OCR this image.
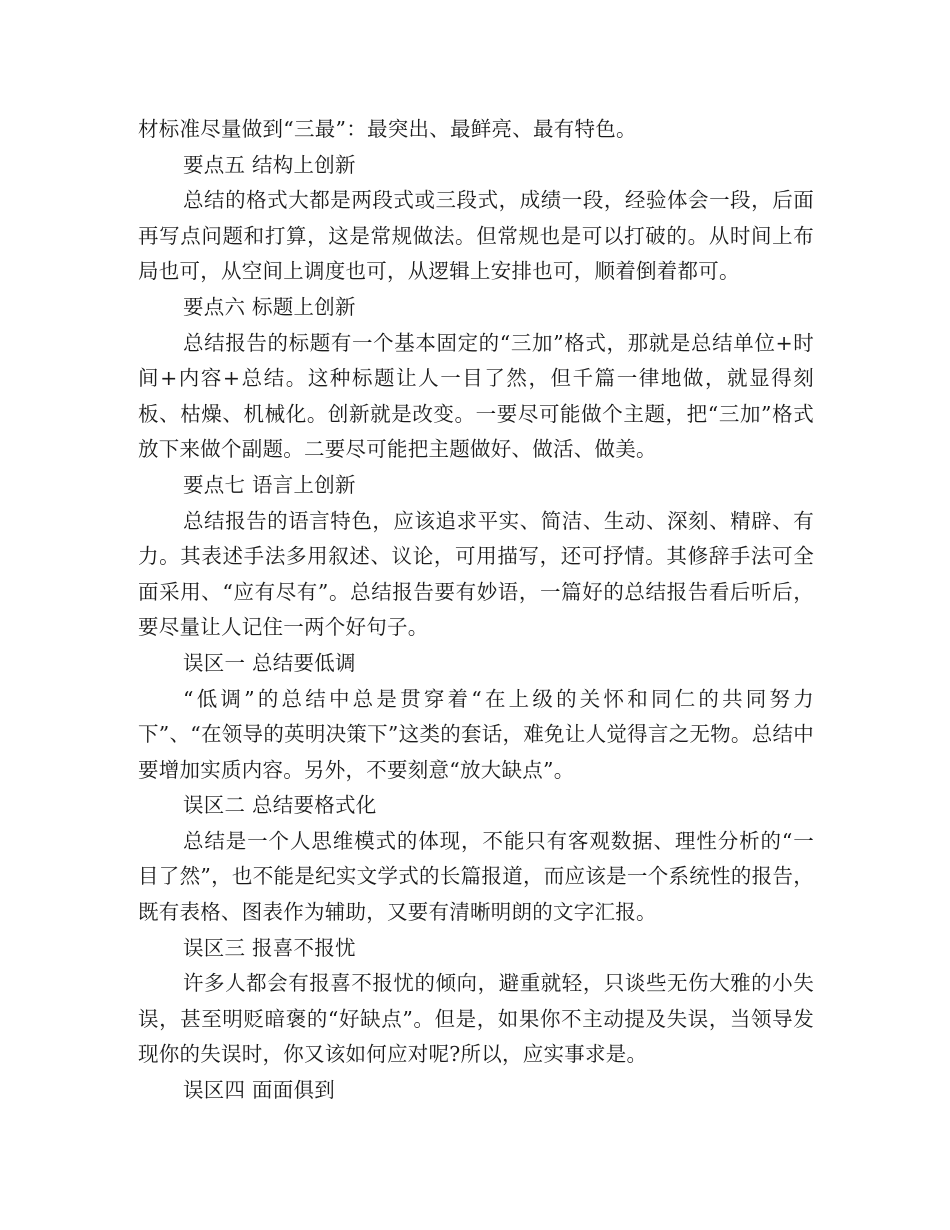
材标准尽量做到“三最”：最突出、最鲜亮、最有特色。

要点五 结构上创新

总结的格式大都是两段式或三段式，成绩一段，经验体会一段，后面再写点问题和打算，这是常规做法。但常规也是可以打破的。从时间上布局也可，从空间上调度也可，从逻辑上安排也可，顺着倒着都可。

要点六 标题上创新

总结报告的标题有一个基本固定的“三加”格式，那就是总结单位+时间+内容+总结。这种标题让人一目了然，但千篇一律地做，就显得刻板、枯燥、机械化。创新就是改变。一要尽可能做个主题，把“三加”格式放下来做个副题。二要尽可能把主题做好、做活、做美。

要点七 语言上创新

总结报告的语言特色，应该追求平实、简洁、生动、深刻、精辟、有力。其表述手法多用叙述、议论，可用描写，还可抒情。其修辞手法可全面采用、“应有尽有”。总结报告要有妙语，一篇好的总结报告看后听后，要尽量让人记住一两个好句子。

误区一 总结要低调

“低调”的总结中总是贯穿着“在上级的关怀和同仁的共同努力下”、“在领导的英明决策下”这类的套话，难免让人觉得言之无物。总结中要增加实质内容。另外，不要刻意“放大缺点”。

误区二 总结要格式化

总结是一个人思维模式的体现，不能只有客观数据、理性分析的“一目了然”，也不能是纪实文学式的长篇报道，而应该是一个系统性的报告，既有表格、图表作为辅助，又要有清晰明朗的文字汇报。

误区三 报喜不报忧

许多人都会有报喜不报忧的倾向，避重就轻，只谈些无伤大雅的小失误，甚至明贬暗褒的“好缺点”。但是，如果你不主动提及失误，当领导发现你的失误时，你又该如何应对呢?所以，应实事求是。

误区四 面面俱到
